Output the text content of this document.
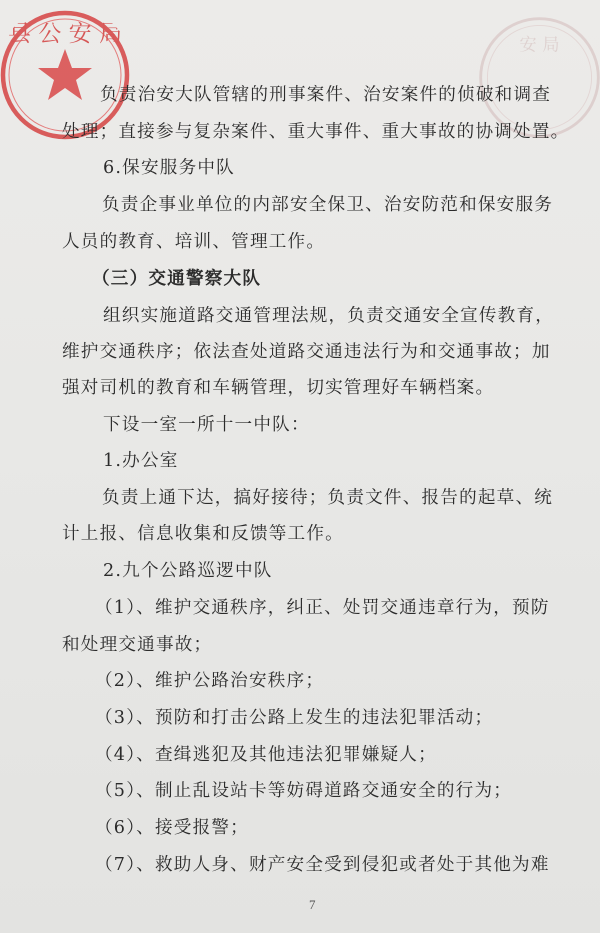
县 公 安 局	安 局
负责治安大队管辖的刑事案件、治安案件的侦破和调查
处理；直接参与复杂案件、重大事件、重大事故的协调处置。
6.保安服务中队
负责企事业单位的内部安全保卫、治安防范和保安服务
人员的教育、培训、管理工作。
（三）交通警察大队
组织实施道路交通管理法规，负责交通安全宣传教育，
维护交通秩序；依法查处道路交通违法行为和交通事故；加
强对司机的教育和车辆管理，切实管理好车辆档案。
下设一室一所十一中队：
1.办公室
负责上通下达，搞好接待；负责文件、报告的起草、统
计上报、信息收集和反馈等工作。
2.九个公路巡逻中队
（1）、维护交通秩序，纠正、处罚交通违章行为，预防
和处理交通事故；
（2）、维护公路治安秩序；
（3）、预防和打击公路上发生的违法犯罪活动；
（4）、查缉逃犯及其他违法犯罪嫌疑人；
（5）、制止乱设站卡等妨碍道路交通安全的行为；
（6）、接受报警；
（7）、救助人身、财产安全受到侵犯或者处于其他为难
7
